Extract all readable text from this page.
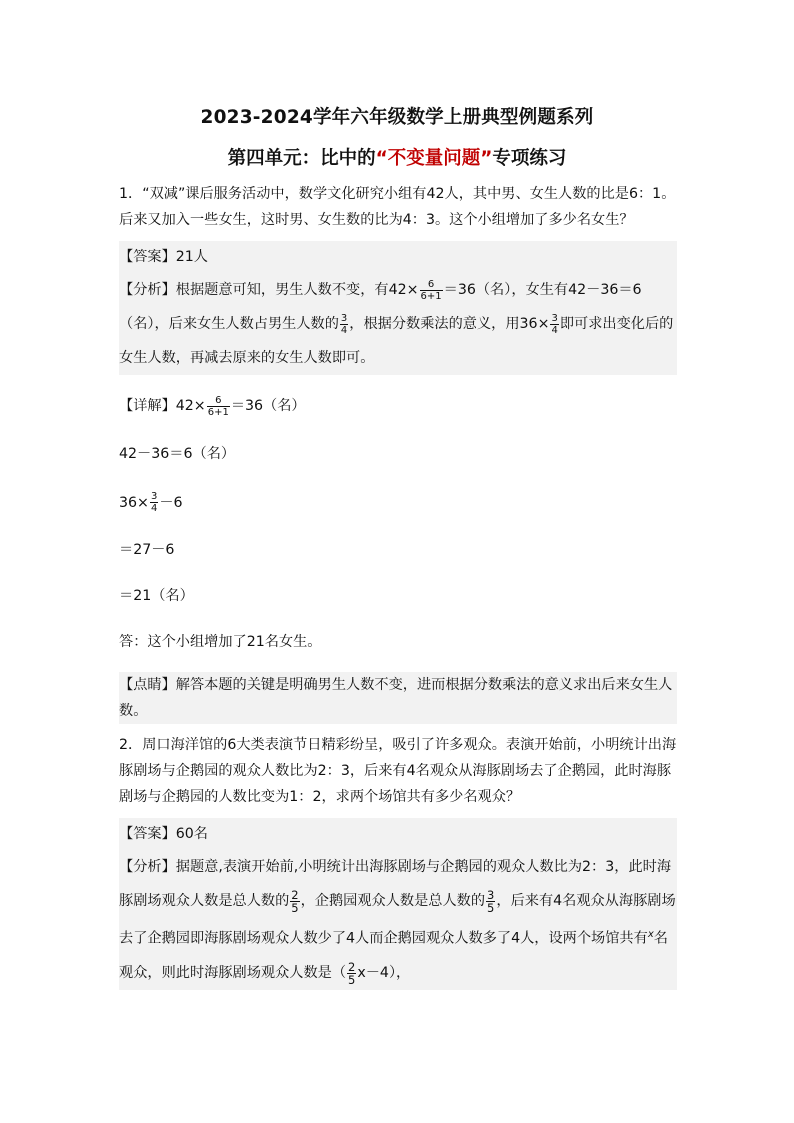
2023-2024学年六年级数学上册典型例题系列
第四单元：比中的“不变量问题”专项练习

1．“双减”课后服务活动中，数学文化研究小组有42人，其中男、女生人数的比是6：1。后来又加入一些女生，这时男、女生数的比为4：3。这个小组增加了多少名女生？

【答案】21人

【分析】根据题意可知，男生人数不变，有$42\times \frac{6}{6+1} =36$（名），女生有42－36＝6（名），后来女生人数占男生人数的 $\frac{3}{4}$ ，根据分数乘法的意义，用$36\times \frac{3}{4}$ 即可求出变化后的女生人数，再减去原来的女生人数即可。

【详解】$42\times \frac{6}{6+1} =36$（名）

42－36＝6（名）

$36\times \frac{3}{4} -6$

＝27－6

＝21（名）

答：这个小组增加了21名女生。

【点睛】解答本题的关键是明确男生人数不变，进而根据分数乘法的意义求出后来女生人数。

2．周口海洋馆的6大类表演节日精彩纷呈，吸引了许多观众。表演开始前，小明统计出海豚剧场与企鹅园的观众人数比为2：3，后来有4名观众从海豚剧场去了企鹅园，此时海豚剧场与企鹅园的人数比变为1：2，求两个场馆共有多少名观众？

【答案】60名

【分析】据题意,表演开始前,小明统计出海豚剧场与企鹅园的观众人数比为2：3，此时海豚剧场观众人数是总人数的 $\frac{2}{5}$ ，企鹅园观众人数是总人数的 $\frac{3}{5}$ ，后来有4名观众从海豚剧场去了企鹅园即海豚剧场观众人数少了4人而企鹅园观众人数多了4人，设两个场馆共有$^x$名观众，则此时海豚剧场观众人数是（ $\frac{2}{5} x-4$），
